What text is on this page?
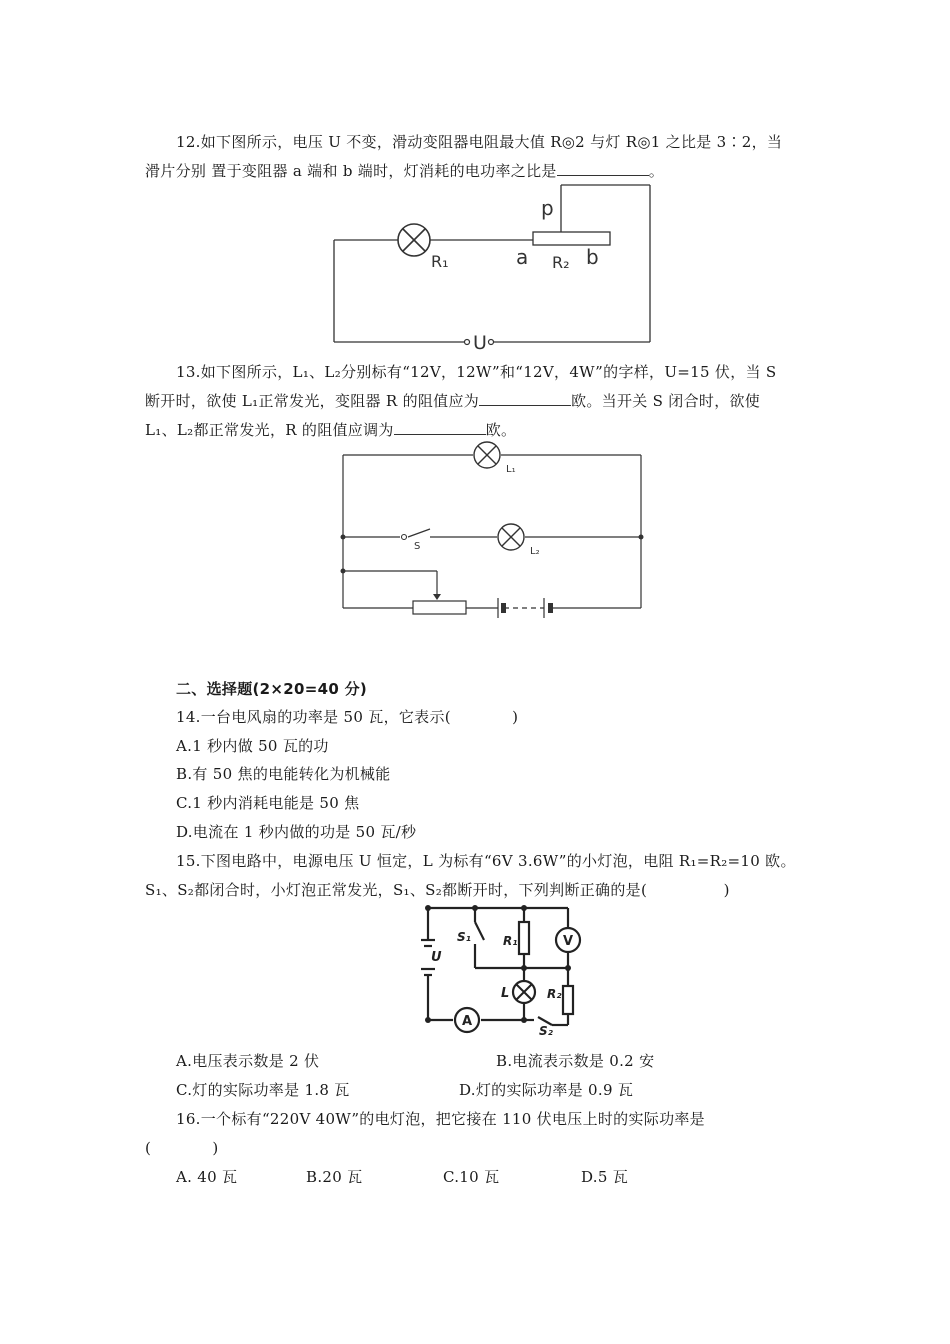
12.如下图所示，电压 U 不变，滑动变阻器电阻最大值 R◎2 与灯 R◎1 之比是 3∶2，当
滑片分别 置于变阻器 a 端和 b 端时，灯消耗的电功率之比是	。
p
a	b
R₁	R₂
U
13.如下图所示，L₁、L₂分别标有“12V，12W”和“12V，4W”的字样，U=15 伏，当 S
断开时，欲使 L₁正常发光，变阻器 R 的阻值应为	欧。当开关 S 闭合时，欲使
L₁、L₂都正常发光，R 的阻值应调为	欧。
L₁
L₂
S
二、选择题(2×20=40 分)
14.一台电风扇的功率是 50 瓦，它表示(　　　　)
A.1 秒内做 50 瓦的功
B.有 50 焦的电能转化为机械能
C.1 秒内消耗电能是 50 焦
D.电流在 1 秒内做的功是 50 瓦/秒
15.下图电路中，电源电压 U 恒定，L 为标有“6V 3.6W”的小灯泡，电阻 R₁=R₂=10 欧。
S₁、S₂都闭合时，小灯泡正常发光，S₁、S₂都断开时，下列判断正确的是(　　　　　)
V
A
U
S₁	R₁
R₂
L
S₂
A.电压表示数是 2 伏	B.电流表示数是 0.2 安
C.灯的实际功率是 1.8 瓦	D.灯的实际功率是 0.9 瓦
16.一个标有“220V 40W”的电灯泡，把它接在 110 伏电压上时的实际功率是
(　　　　)
A. 40 瓦	B.20 瓦	C.10 瓦	D.5 瓦
